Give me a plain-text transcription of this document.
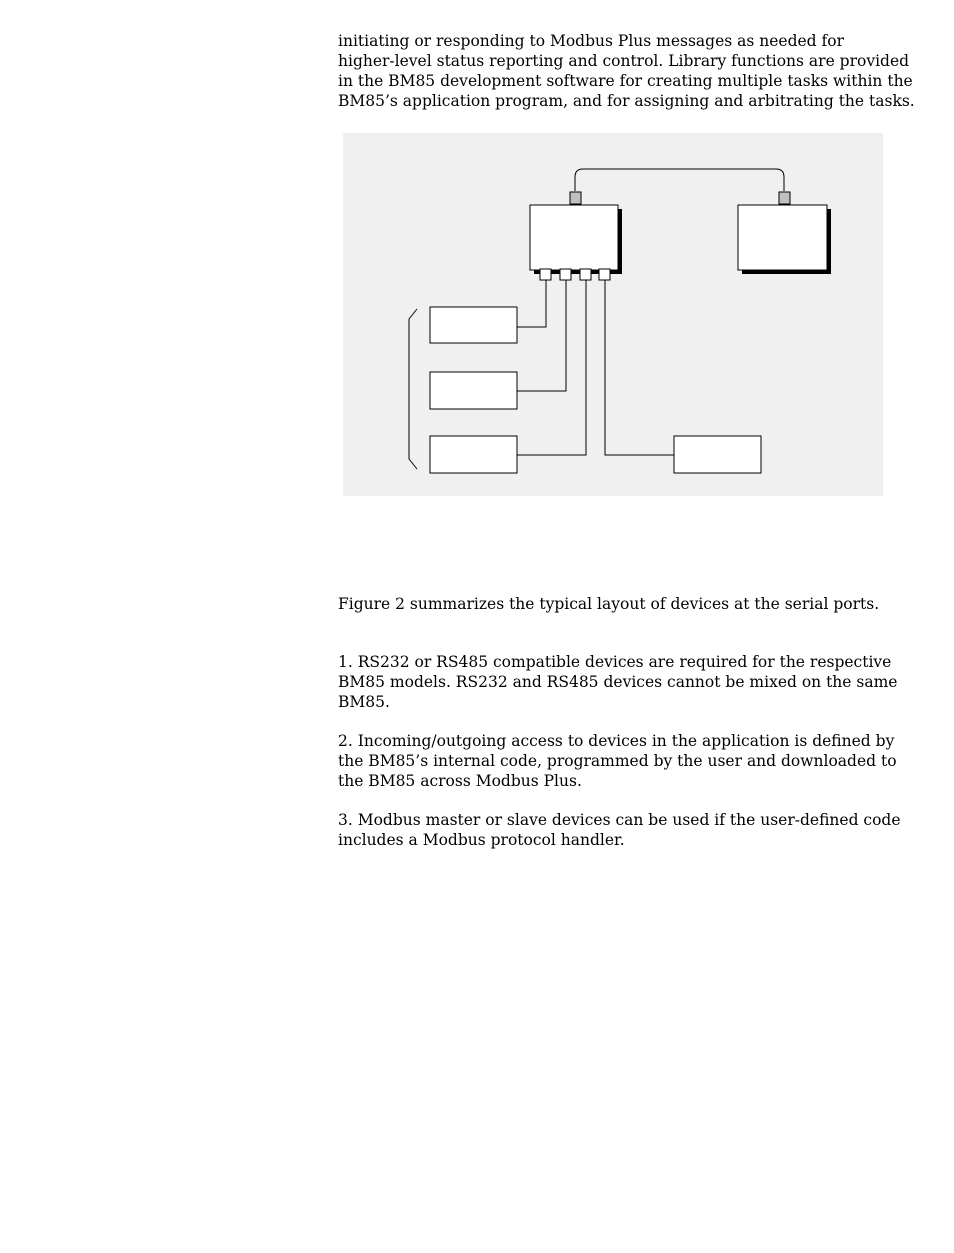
initiating or responding to Modbus Plus messages as needed for
higher-level status reporting and control. Library functions are provided
in the BM85 development software for creating multiple tasks within the
BM85’s application program, and for assigning and arbitrating the tasks.

Figure 2 summarizes the typical layout of devices at the serial ports.

1. RS232 or RS485 compatible devices are required for the respective
BM85 models. RS232 and RS485 devices cannot be mixed on the same
BM85.

2. Incoming/outgoing access to devices in the application is defined by
the BM85’s internal code, programmed by the user and downloaded to
the BM85 across Modbus Plus.

3. Modbus master or slave devices can be used if the user-defined code
includes a Modbus protocol handler.
